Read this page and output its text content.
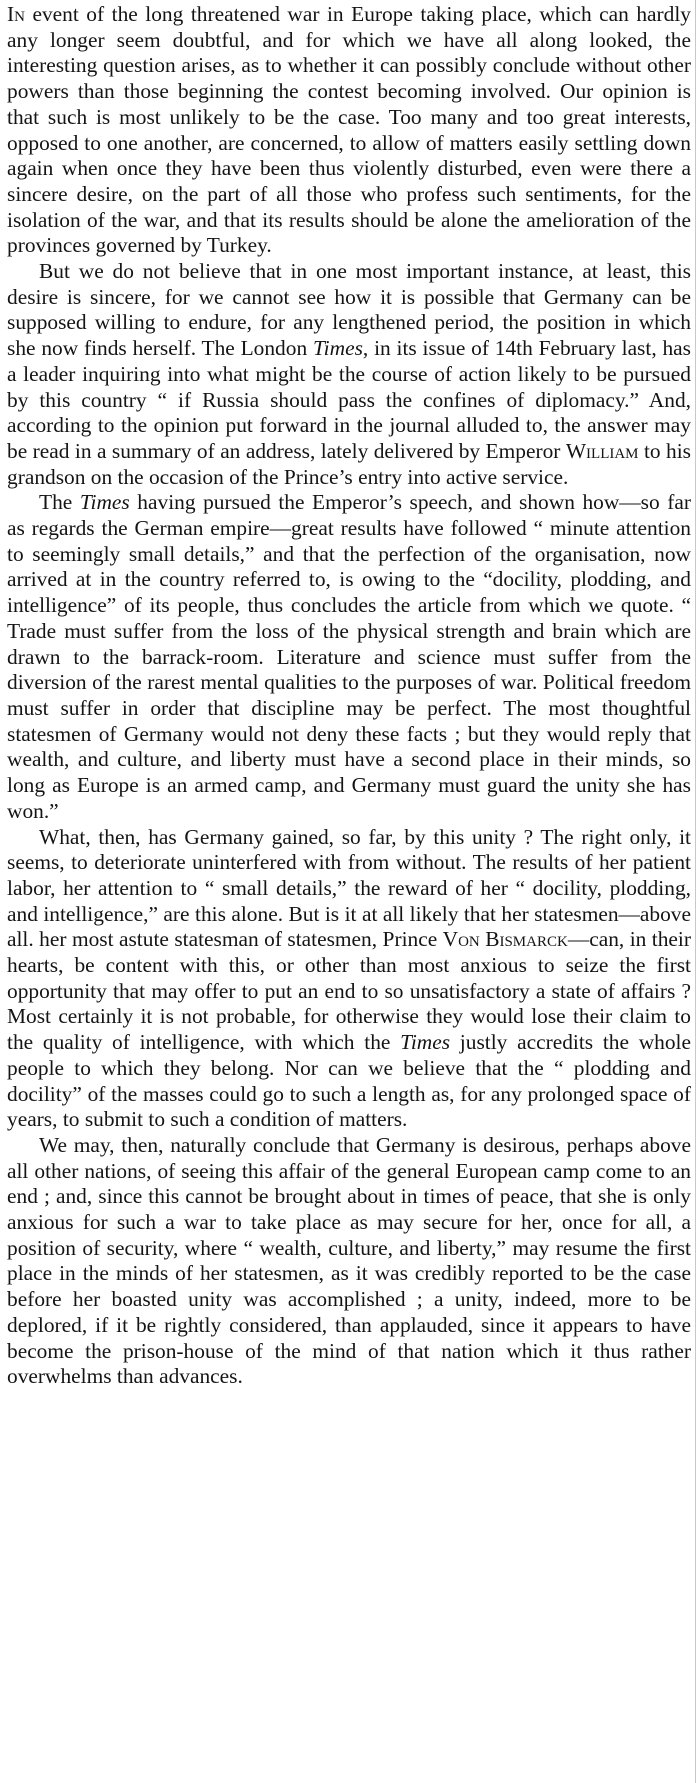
In event of the long threatened war in Europe taking place, which can hardly any longer seem doubtful, and for which we have all along looked, the interesting question arises, as to whether it can possibly conclude without other powers than those beginning the contest becoming involved. Our opinion is that such is most unlikely to be the case. Too many and too great interests, opposed to one another, are concerned, to allow of matters easily settling down again when once they have been thus violently disturbed, even were there a sincere desire, on the part of all those who profess such sentiments, for the isolation of the war, and that its results should be alone the amelioration of the provinces governed by Turkey.

But we do not believe that in one most important instance, at least, this desire is sincere, for we cannot see how it is possible that Germany can be supposed willing to endure, for any lengthened period, the position in which she now finds herself. The London Times, in its issue of 14th February last, has a leader inquiring into what might be the course of action likely to be pursued by this country “ if Russia should pass the confines of diplomacy.” And, according to the opinion put forward in the journal alluded to, the answer may be read in a summary of an address, lately delivered by Emperor William to his grandson on the occasion of the Prince’s entry into active service.

The Times having pursued the Emperor’s speech, and shown how—so far as regards the German empire—great results have followed “ minute attention to seemingly small details,” and that the perfection of the organisation, now arrived at in the country referred to, is owing to the “docility, plodding, and intelligence” of its people, thus concludes the article from which we quote. “ Trade must suffer from the loss of the physical strength and brain which are drawn to the barrack-room. Literature and science must suffer from the diversion of the rarest mental qualities to the purposes of war. Political freedom must suffer in order that discipline may be perfect. The most thoughtful statesmen of Germany would not deny these facts ; but they would reply that wealth, and culture, and liberty must have a second place in their minds, so long as Europe is an armed camp, and Germany must guard the unity she has won.”

What, then, has Germany gained, so far, by this unity ? The right only, it seems, to deteriorate uninterfered with from without. The results of her patient labor, her attention to “ small details,” the reward of her “ docility, plodding, and intelligence,” are this alone. But is it at all likely that her statesmen—above all. her most astute statesman of statesmen, Prince Von Bismarck—can, in their hearts, be content with this, or other than most anxious to seize the first opportunity that may offer to put an end to so unsatisfactory a state of affairs ? Most certainly it is not probable, for otherwise they would lose their claim to the quality of intelligence, with which the Times justly accredits the whole people to which they belong. Nor can we believe that the “ plodding and docility” of the masses could go to such a length as, for any prolonged space of years, to submit to such a condition of matters.

We may, then, naturally conclude that Germany is desirous, perhaps above all other nations, of seeing this affair of the general European camp come to an end ; and, since this cannot be brought about in times of peace, that she is only anxious for such a war to take place as may secure for her, once for all, a position of security, where “ wealth, culture, and liberty,” may resume the first place in the minds of her statesmen, as it was credibly reported to be the case before her boasted unity was accomplished ; a unity, indeed, more to be deplored, if it be rightly considered, than applauded, since it appears to have become the prison-house of the mind of that nation which it thus rather overwhelms than advances.
